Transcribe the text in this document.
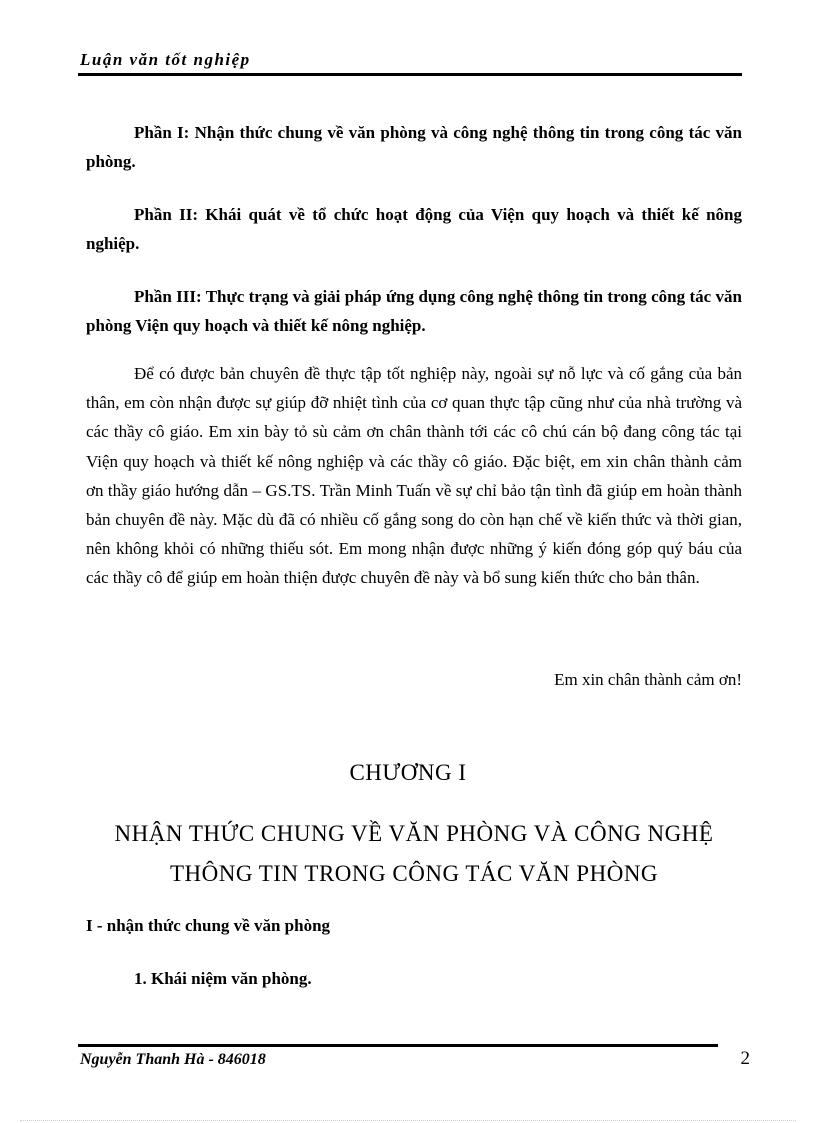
Luận văn tốt nghiệp
Phần I: Nhận thức chung về văn phòng và công nghệ thông tin trong công tác văn phòng.
Phần II: Khái quát về tổ chức hoạt động của Viện quy hoạch và thiết kế nông nghiệp.
Phần III: Thực trạng và giải pháp ứng dụng công nghệ thông tin trong công tác văn phòng Viện quy hoạch và thiết kế nông nghiệp.
Để có được bản chuyên đề thực tập tốt nghiệp này, ngoài sự nỗ lực và cố gắng của bản thân, em còn nhận được sự giúp đỡ nhiệt tình của cơ quan thực tập cũng như của nhà trường và các thầy cô giáo. Em xin bày tỏ sù cảm ơn chân thành tới các cô chú cán bộ đang công tác tại Viện quy hoạch và thiết kế nông nghiệp và các thầy cô giáo. Đặc biệt, em xin chân thành cảm ơn thầy giáo hướng dẫn – GS.TS. Trần Minh Tuấn về sự chỉ bảo tận tình đã giúp em hoàn thành bản chuyên đề này. Mặc dù đã có nhiều cố gắng song do còn hạn chế về kiến thức và thời gian, nên không khỏi có những thiếu sót. Em mong nhận được những ý kiến đóng góp quý báu của các thầy cô để giúp em hoàn thiện được chuyên đề này và bổ sung kiến thức cho bản thân.
Em xin chân thành cảm ơn!
CHƯƠNG I
NHẬN THỨC CHUNG VỀ VĂN PHÒNG VÀ CÔNG NGHỆ
THÔNG TIN TRONG CÔNG TÁC VĂN PHÒNG
I - nhận thức chung về văn phòng
1. Khái niệm văn phòng.
Nguyễn Thanh Hà - 846018	2
